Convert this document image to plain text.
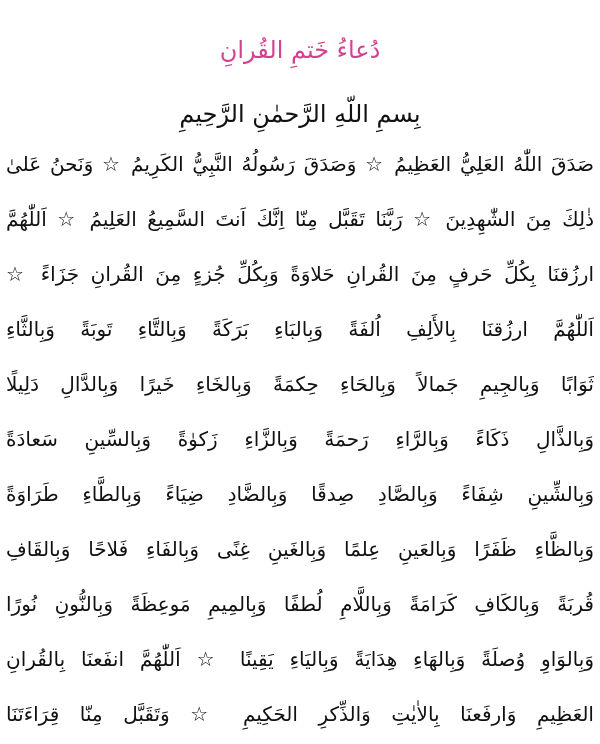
دُعاءُ خَتمِ القُرانِ
بِسمِ اللّهِ الرَّحمٰنِ الرَّحِيمِ
صَدَقَ اللّٰهُ العَلِيُّ العَظِيمُ ☆ وَصَدَقَ رَسُولُهُ النَّبِيُّ الكَرِيمُ ☆ وَنَحنُ عَلىٰ
ذٰلِكَ مِنَ الشّٰهِدِينَ ☆ رَبَّنَا تَقَبَّل مِنّا اِنَّكَ اَنتَ السَّمِيعُ العَلِيمُ ☆ اَللّٰهُمَّ
ارزُقنَا بِكُلِّ حَرفٍ مِنَ القُرانِ حَلاوَةً وَبِكُلِّ جُزءٍ مِنَ القُرانِ جَزَاءً ☆
اَللّٰهُمَّ ارزُقنَا بِالأَلِفِ اُلفَةً وَبِالبَاءِ بَرَكَةً وَبِالتَّاءِ تَوبَةً وَبِالثَّاءِ
ثَوَابًا وَبِالجِيمِ جَمالاً وَبِالحَاءِ حِكمَةً وَبِالخَاءِ خَيرًا وَبِالدَّالِ دَلِيلًا
وَبِالذَّالِ ذَكَاءً وَبِالرَّاءِ رَحمَةً وَبِالزَّاءِ زَكوٰةً وَبِالسِّينِ سَعادَةً
وَبِالشِّينِ شِفَاءً وَبِالصَّادِ صِدقًا وَبِالضَّادِ ضِيَاءً وَبِالطَّاءِ طَرَاوَةً
وَبِالظَّاءِ ظَفَرًا وَبِالعَينِ عِلمًا وَبِالغَينِ غِنًى وَبِالفَاءِ فَلاحًا وَبِالقَافِ
قُربَةً وَبِالكَافِ كَرَامَةً وَبِاللَّامِ لُطفًا وَبِالمِيمِ مَوعِظَةً وَبِالنُّونِ نُورًا
وَبِالوَاوِ وُصلَةً وَبِالهَاءِ هِدَايَةً وَبِاليَاءِ يَقِينًا ☆ اَللّٰهُمَّ انفَعنَا بِالقُرانِ
العَظِيمِ وَارفَعنَا بِالاٰيٰتِ وَالذِّكرِ الحَكِيمِ ☆ وَتَقَبَّل مِنّا قِرَاءَتَنَا
